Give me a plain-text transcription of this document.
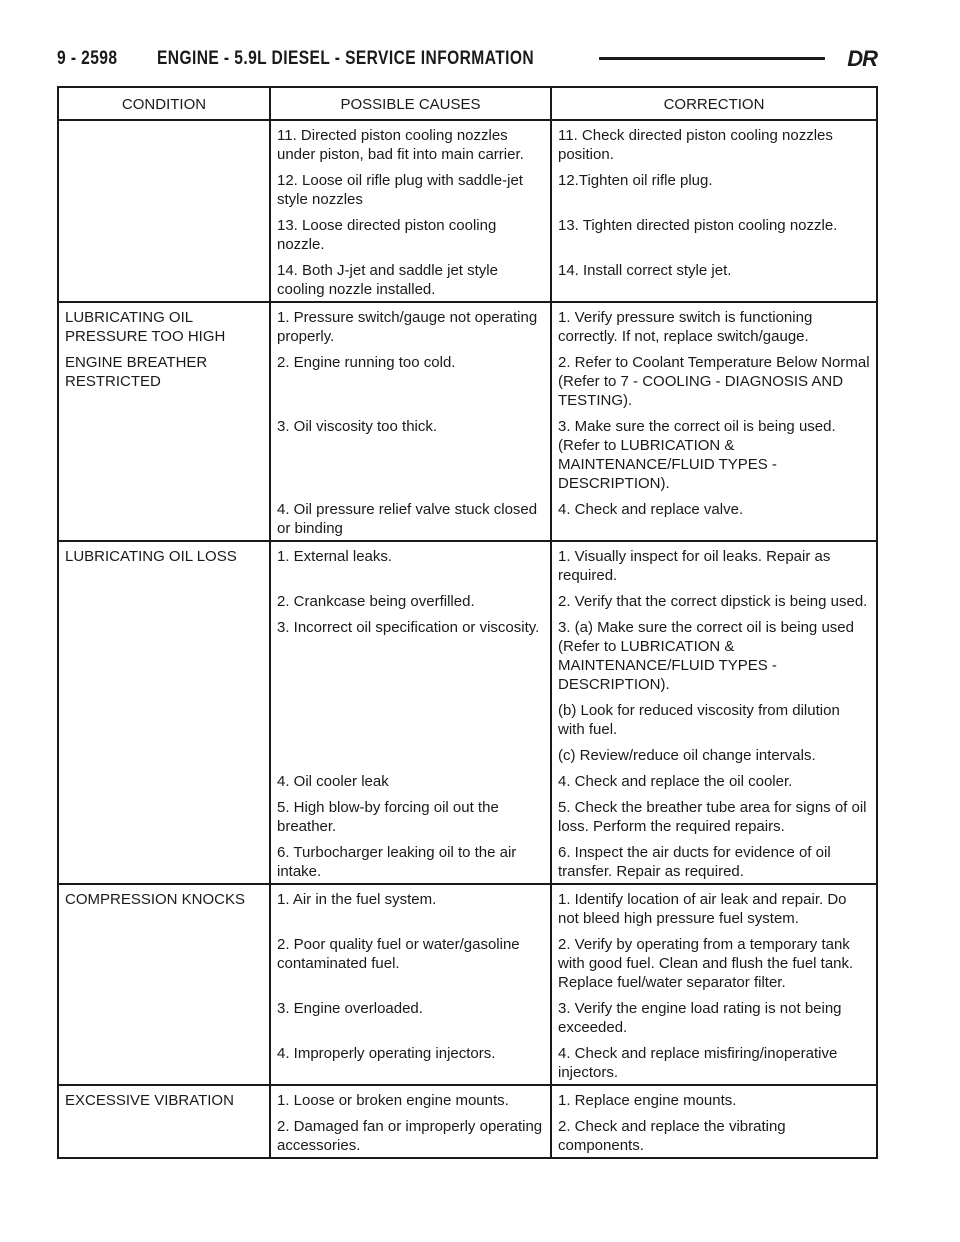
9 - 2598	ENGINE - 5.9L DIESEL - SERVICE INFORMATION	DR
CONDITION	POSSIBLE CAUSES	CORRECTION
	11. Directed piston cooling nozzles under piston, bad fit into main carrier.	11. Check directed piston cooling nozzles position.
	12. Loose oil rifle plug with saddle-jet style nozzles	12.Tighten oil rifle plug.
	13. Loose directed piston cooling nozzle.	13. Tighten directed piston cooling nozzle.
	14. Both J-jet and saddle jet style cooling nozzle installed.	14. Install correct style jet.
LUBRICATING OIL PRESSURE TOO HIGH	1. Pressure switch/gauge not operating properly.	1. Verify pressure switch is functioning correctly. If not, replace switch/gauge.
ENGINE BREATHER RESTRICTED	2. Engine running too cold.	2. Refer to Coolant Temperature Below Normal (Refer to 7 - COOLING - DIAGNOSIS AND TESTING).
	3. Oil viscosity too thick.	3. Make sure the correct oil is being used. (Refer to LUBRICATION & MAINTENANCE/FLUID TYPES - DESCRIPTION).
	4. Oil pressure relief valve stuck closed or binding	4. Check and replace valve.
LUBRICATING OIL LOSS	1. External leaks.	1. Visually inspect for oil leaks. Repair as required.
	2. Crankcase being overfilled.	2. Verify that the correct dipstick is being used.
	3. Incorrect oil specification or viscosity.	3. (a) Make sure the correct oil is being used (Refer to LUBRICATION & MAINTENANCE/FLUID TYPES - DESCRIPTION).
		(b) Look for reduced viscosity from dilution with fuel.
		(c) Review/reduce oil change intervals.
	4. Oil cooler leak	4. Check and replace the oil cooler.
	5. High blow-by forcing oil out the breather.	5. Check the breather tube area for signs of oil loss. Perform the required repairs.
	6. Turbocharger leaking oil to the air intake.	6. Inspect the air ducts for evidence of oil transfer. Repair as required.
COMPRESSION KNOCKS	1. Air in the fuel system.	1. Identify location of air leak and repair. Do not bleed high pressure fuel system.
	2. Poor quality fuel or water/gasoline contaminated fuel.	2. Verify by operating from a temporary tank with good fuel. Clean and flush the fuel tank. Replace fuel/water separator filter.
	3. Engine overloaded.	3. Verify the engine load rating is not being exceeded.
	4. Improperly operating injectors.	4. Check and replace misfiring/inoperative injectors.
EXCESSIVE VIBRATION	1. Loose or broken engine mounts.	1. Replace engine mounts.
	2. Damaged fan or improperly operating accessories.	2. Check and replace the vibrating components.
